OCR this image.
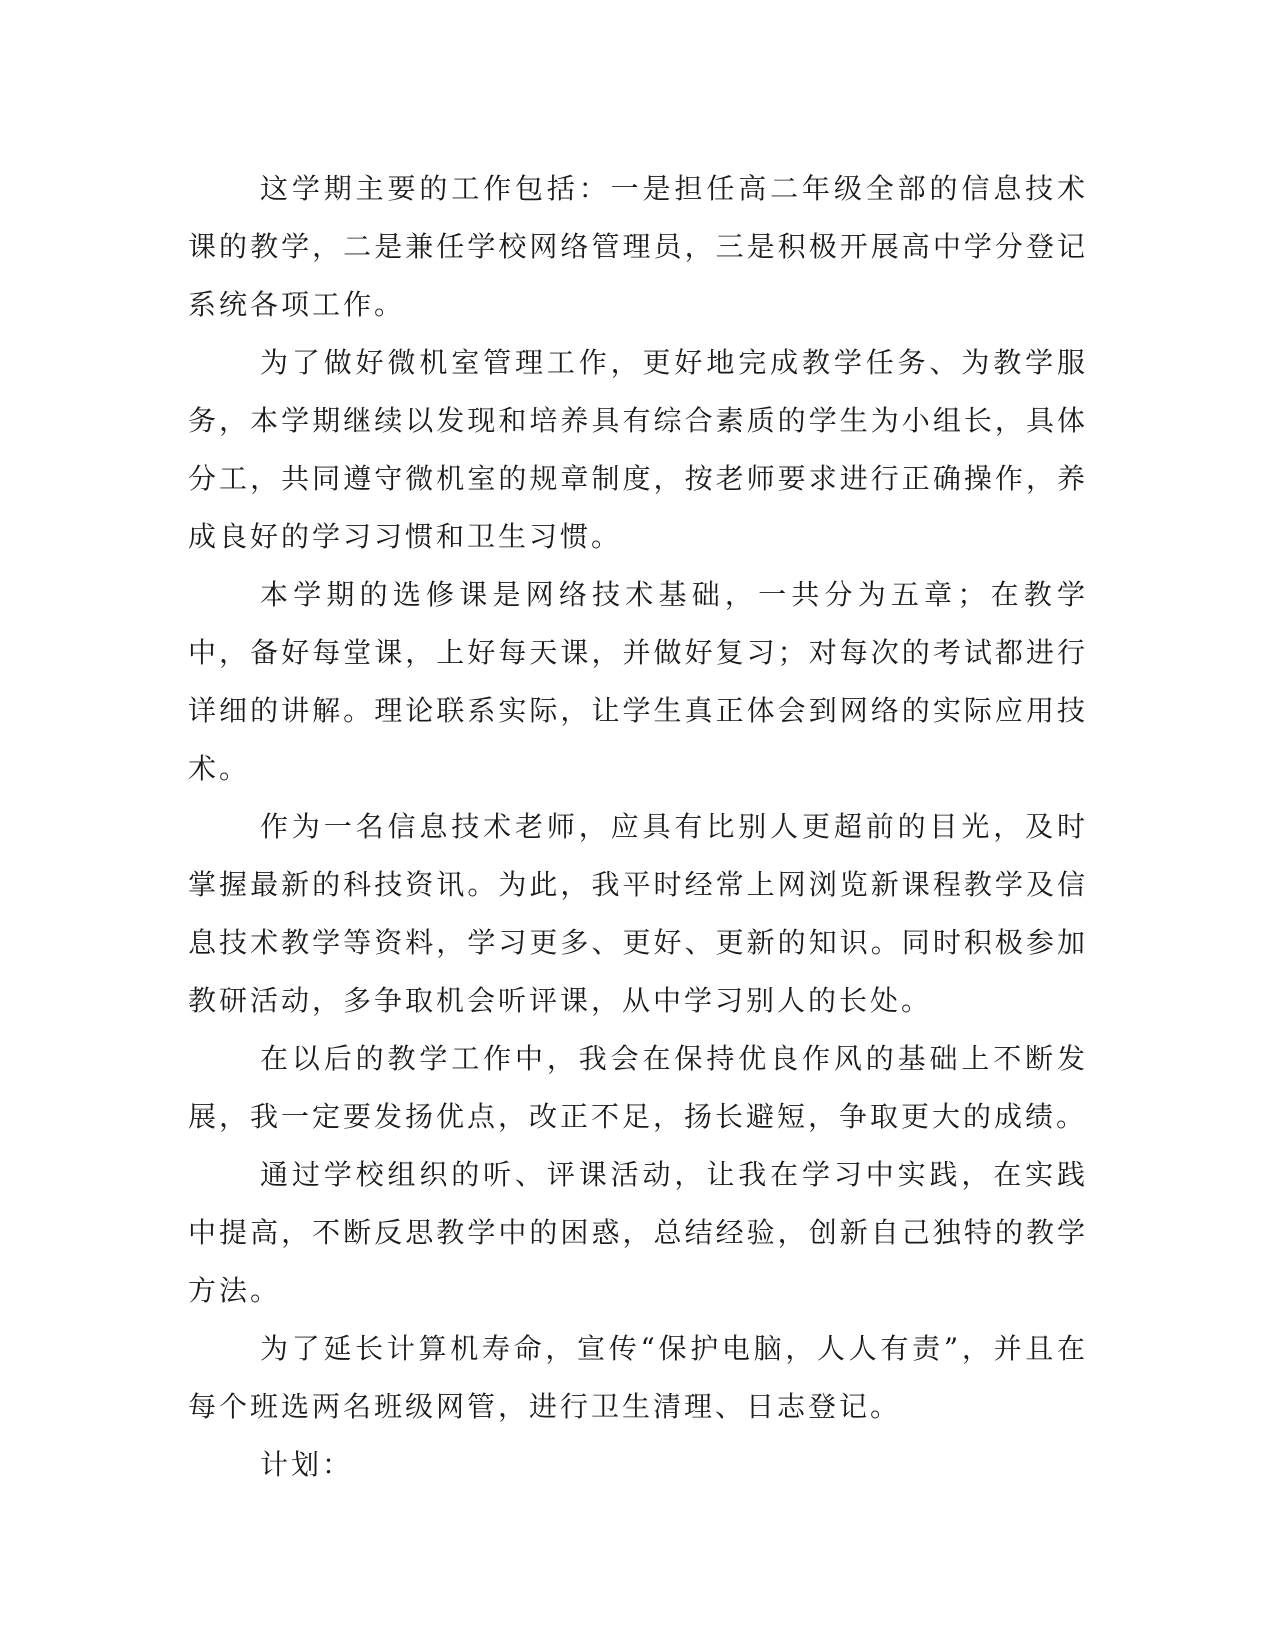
这学期主要的工作包括：一是担任高二年级全部的信息技术课的教学，二是兼任学校网络管理员，三是积极开展高中学分登记系统各项工作。

为了做好微机室管理工作，更好地完成教学任务、为教学服务，本学期继续以发现和培养具有综合素质的学生为小组长，具体分工，共同遵守微机室的规章制度，按老师要求进行正确操作，养成良好的学习习惯和卫生习惯。

本学期的选修课是网络技术基础，一共分为五章；在教学中，备好每堂课，上好每天课，并做好复习；对每次的考试都进行详细的讲解。理论联系实际，让学生真正体会到网络的实际应用技术。

作为一名信息技术老师，应具有比别人更超前的目光，及时掌握最新的科技资讯。为此，我平时经常上网浏览新课程教学及信息技术教学等资料，学习更多、更好、更新的知识。同时积极参加教研活动，多争取机会听评课，从中学习别人的长处。

在以后的教学工作中，我会在保持优良作风的基础上不断发展，我一定要发扬优点，改正不足，扬长避短，争取更大的成绩。

通过学校组织的听、评课活动，让我在学习中实践，在实践中提高，不断反思教学中的困惑，总结经验，创新自己独特的教学方法。

为了延长计算机寿命，宣传“保护电脑，人人有责”，并且在每个班选两名班级网管，进行卫生清理、日志登记。

计划：
